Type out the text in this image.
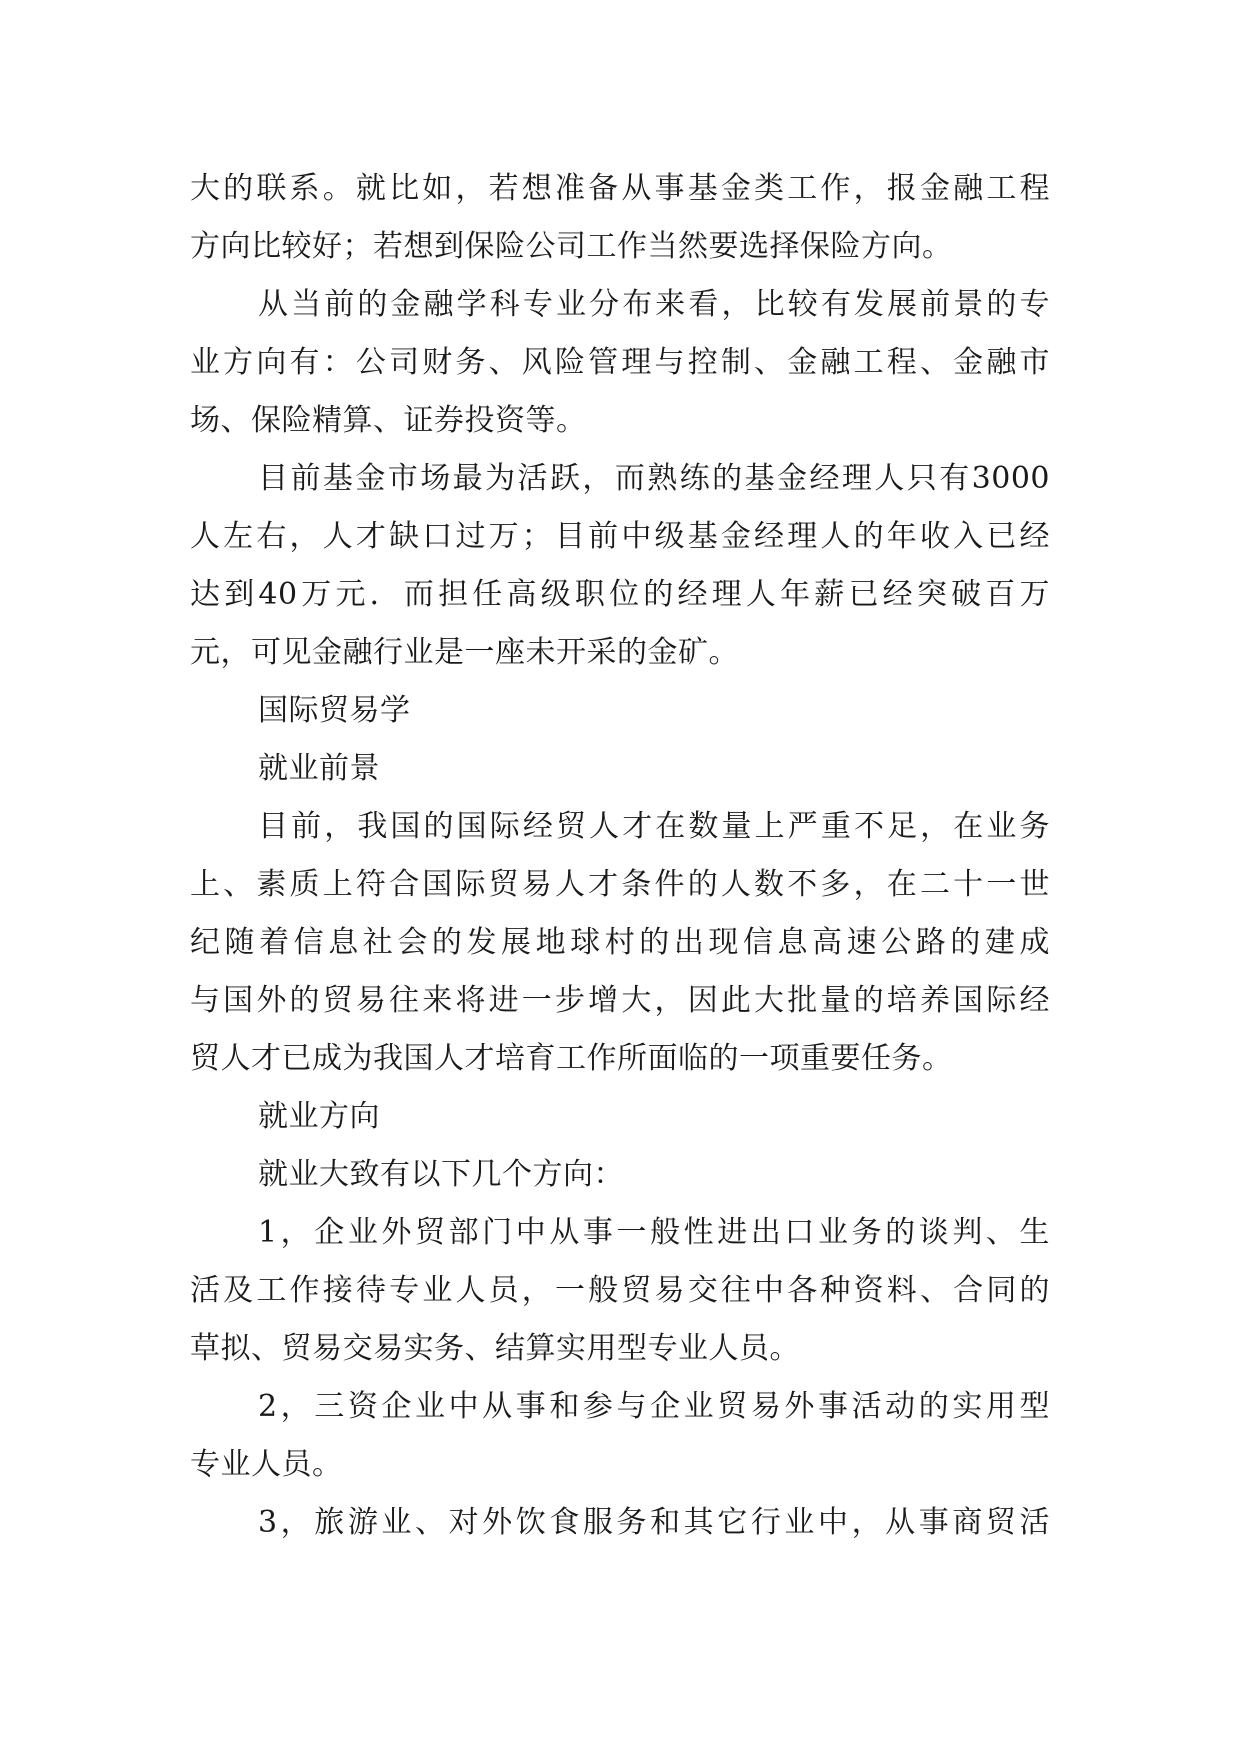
大的联系。就比如，若想准备从事基金类工作，报金融工程
方向比较好；若想到保险公司工作当然要选择保险方向。
从当前的金融学科专业分布来看，比较有发展前景的专
业方向有：公司财务、风险管理与控制、金融工程、金融市
场、保险精算、证券投资等。
目前基金市场最为活跃，而熟练的基金经理人只有3000
人左右，人才缺口过万；目前中级基金经理人的年收入已经
达到40万元．而担任高级职位的经理人年薪已经突破百万
元，可见金融行业是一座未开采的金矿。
国际贸易学
就业前景
目前，我国的国际经贸人才在数量上严重不足，在业务
上、素质上符合国际贸易人才条件的人数不多，在二十一世
纪随着信息社会的发展地球村的出现信息高速公路的建成
与国外的贸易往来将进一步增大，因此大批量的培养国际经
贸人才已成为我国人才培育工作所面临的一项重要任务。
就业方向
就业大致有以下几个方向：
1，企业外贸部门中从事一般性进出口业务的谈判、生
活及工作接待专业人员，一般贸易交往中各种资料、合同的
草拟、贸易交易实务、结算实用型专业人员。
2，三资企业中从事和参与企业贸易外事活动的实用型
专业人员。
3，旅游业、对外饮食服务和其它行业中，从事商贸活
